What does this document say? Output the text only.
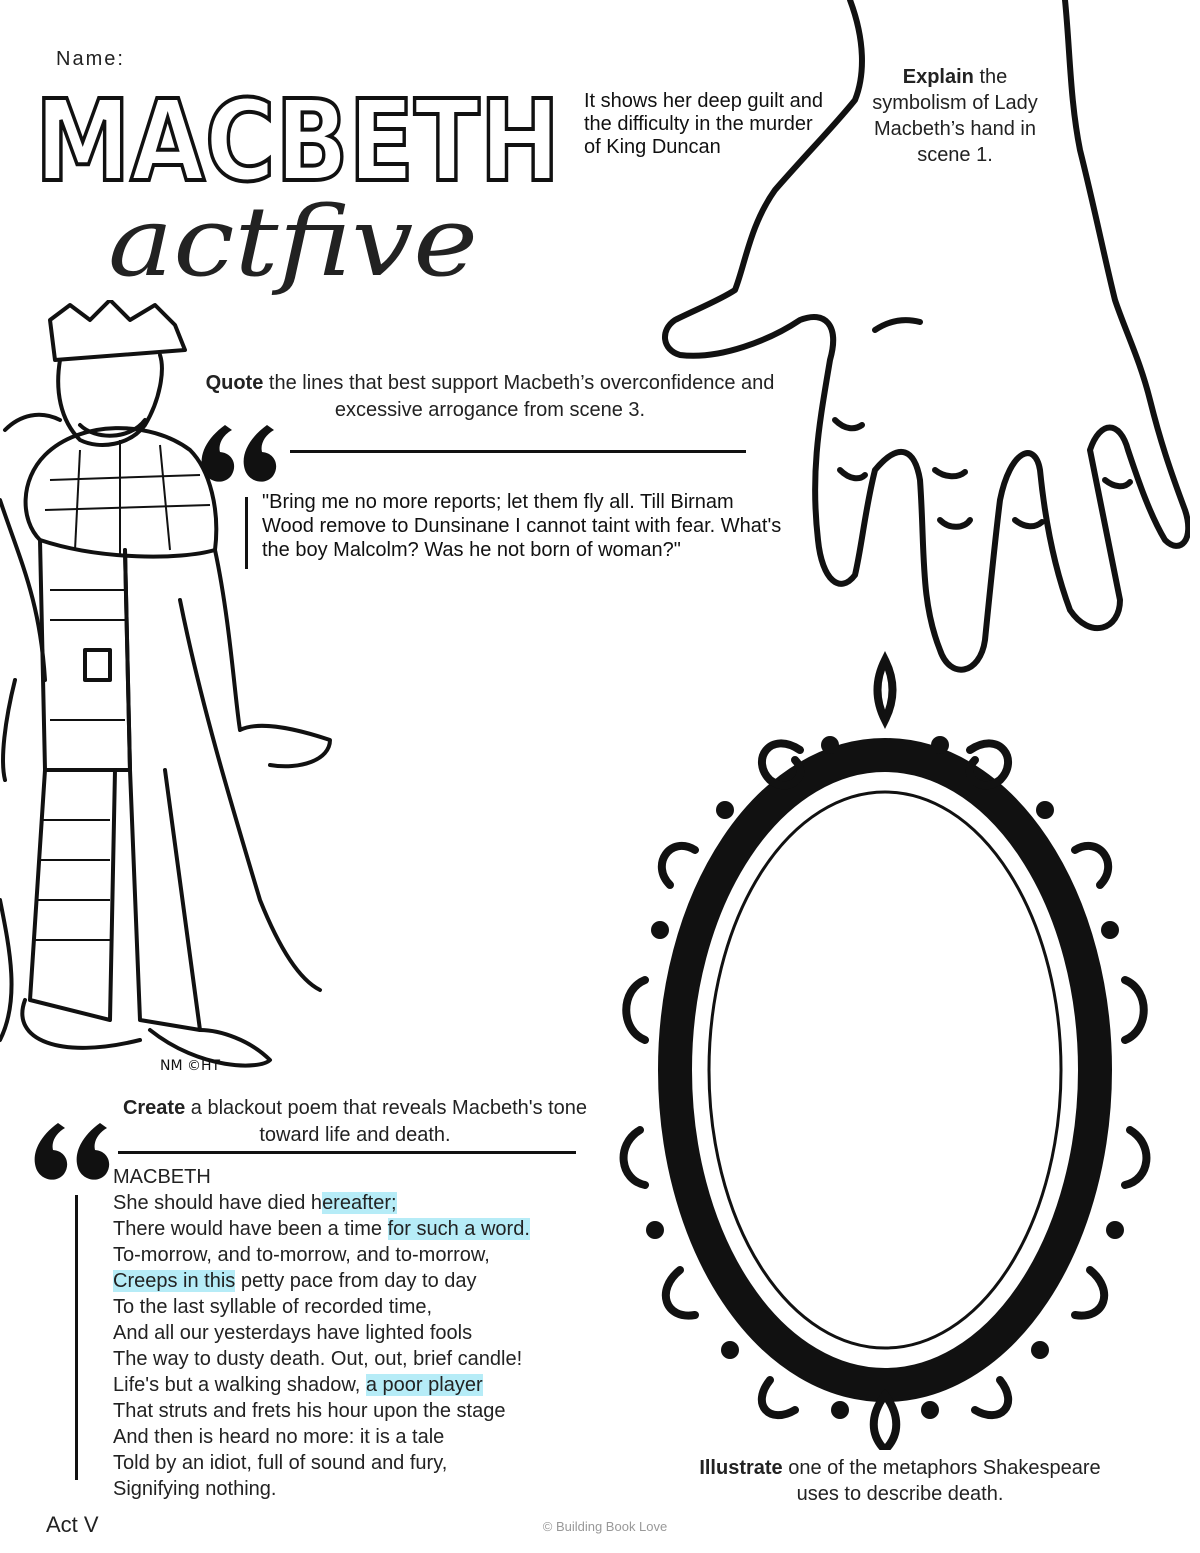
Name:
MACBETH
actfive
It shows her deep guilt and the difficulty in the murder of King Duncan
Explain the symbolism of Lady Macbeth’s hand in scene 1.
NM ©HT
Quote the lines that best support Macbeth’s overconfidence and excessive arrogance from scene 3.
"Bring me no more reports; let them fly all. Till Birnam Wood remove to Dunsinane I cannot taint with fear. What's the boy Malcolm? Was he not born of woman?"
Create a blackout poem that reveals Macbeth's tone toward life and death.
MACBETH
She should have died hereafter;
There would have been a time for such a word.
To-morrow, and to-morrow, and to-morrow,
Creeps in this petty pace from day to day
To the last syllable of recorded time,
And all our yesterdays have lighted fools
The way to dusty death. Out, out, brief candle!
Life's but a walking shadow, a poor player
That struts and frets his hour upon the stage
And then is heard no more: it is a tale
Told by an idiot, full of sound and fury,
Signifying nothing.
Illustrate one of the metaphors Shakespeare uses to describe death.
Act V	© Building Book Love
